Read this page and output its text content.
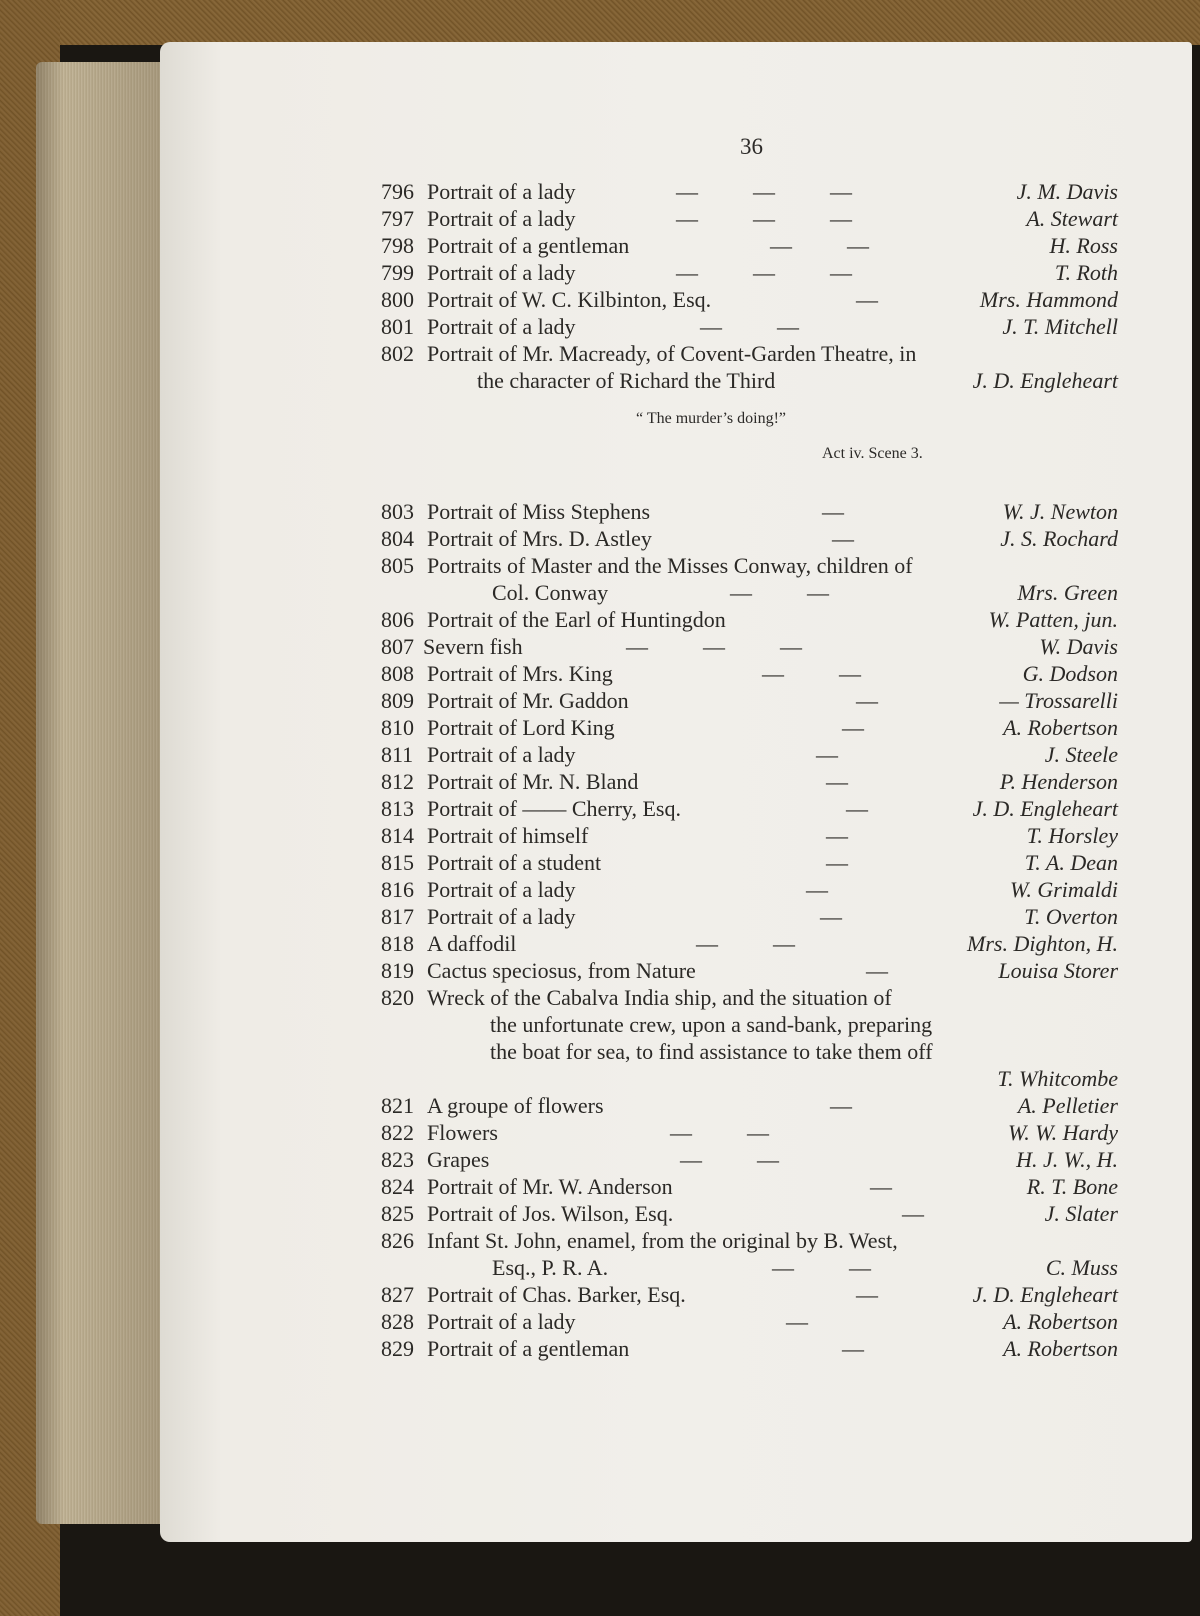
36
796 Portrait of a lady	—          —          —	J. M. Davis
797 Portrait of a lady	—          —          —	A. Stewart
798 Portrait of a gentleman	—          —	H. Ross
799 Portrait of a lady	—          —          —	T. Roth
800 Portrait of W. C. Kilbinton, Esq.	—	Mrs. Hammond
801 Portrait of a lady	—          —	J. T. Mitchell
802 Portrait of Mr. Macready, of Covent-Garden Theatre, in
the character of Richard the Third	J. D. Engleheart
“ The murder’s doing!”
Act iv. Scene 3.
803 Portrait of Miss Stephens	—	W. J. Newton
804 Portrait of Mrs. D. Astley	—	J. S. Rochard
805 Portraits of Master and the Misses Conway, children of
Col. Conway	—          —	Mrs. Green
806 Portrait of the Earl of Huntingdon	W. Patten, jun.
807 Severn fish	—          —          —	W. Davis
808 Portrait of Mrs. King	—          —	G. Dodson
809 Portrait of Mr. Gaddon	—	— Trossarelli
810 Portrait of Lord King	—	A. Robertson
811 Portrait of a lady	—	J. Steele
812 Portrait of Mr. N. Bland	—	P. Henderson
813 Portrait of —— Cherry, Esq.	—	J. D. Engleheart
814 Portrait of himself	—	T. Horsley
815 Portrait of a student	—	T. A. Dean
816 Portrait of a lady	—	W. Grimaldi
817 Portrait of a lady	—	T. Overton
818 A daffodil	—          —	Mrs. Dighton, H.
819 Cactus speciosus, from Nature	—	Louisa Storer
820 Wreck of the Cabalva India ship, and the situation of
the unfortunate crew, upon a sand-bank, preparing
the boat for sea, to find assistance to take them off
T. Whitcombe
821 A groupe of flowers	—	A. Pelletier
822 Flowers	—          —	W. W. Hardy
823 Grapes	—          —	H. J. W., H.
824 Portrait of Mr. W. Anderson	—	R. T. Bone
825 Portrait of Jos. Wilson, Esq.	—	J. Slater
826 Infant St. John, enamel, from the original by B. West,
Esq., P. R. A.	—          —	C. Muss
827 Portrait of Chas. Barker, Esq.	—	J. D. Engleheart
828 Portrait of a lady	—	A. Robertson
829 Portrait of a gentleman	—	A. Robertson
